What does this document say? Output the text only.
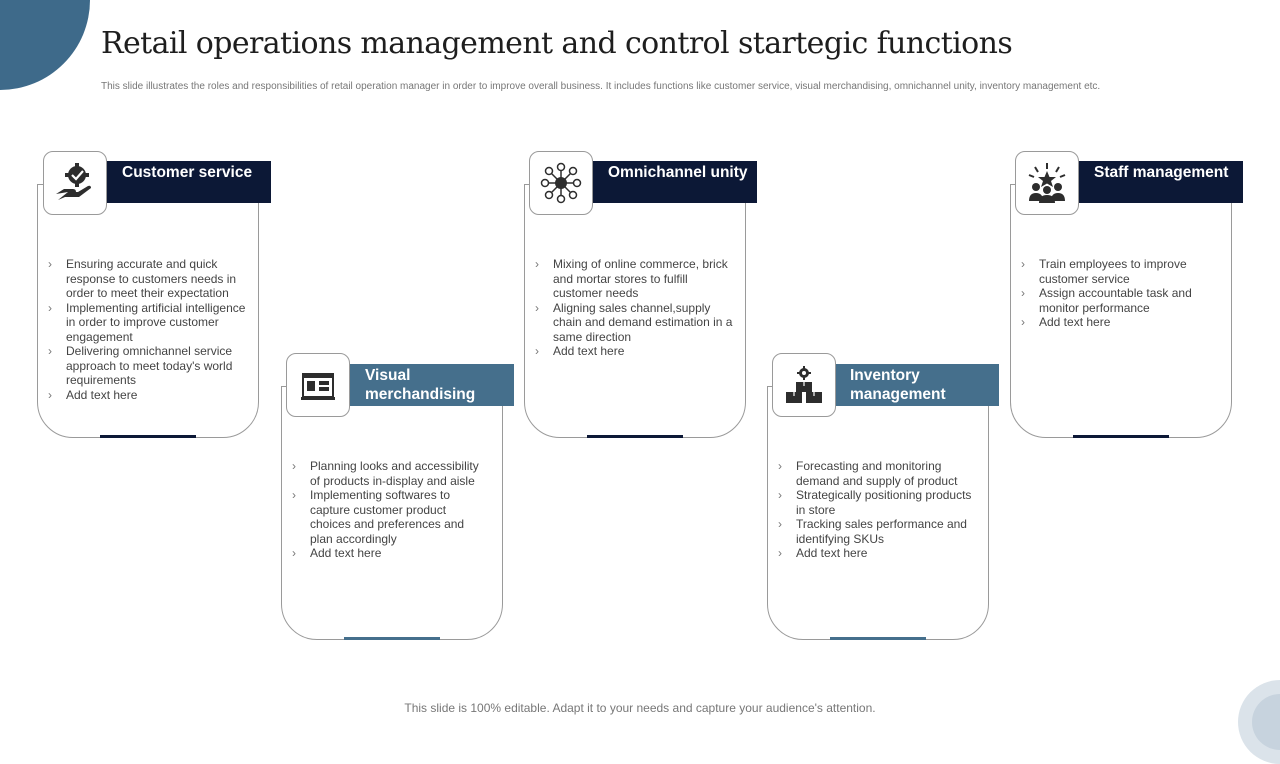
Retail operations management and control startegic functions
This slide illustrates the roles and responsibilities of retail operation manager in order to improve overall business. It includes functions like customer service, visual merchandising, omnichannel unity, inventory management etc.
› Ensuring accurate and quick response to customers needs in order to meet their expectation
› Implementing artificial intelligence in order to improve customer engagement
› Delivering omnichannel service approach to meet today's world requirements
› Add text here
Customer service
› Planning looks and accessibility of products in-display and aisle
› Implementing softwares to capture customer product choices and preferences and plan accordingly
› Add text here
Visual merchandising
› Mixing of online commerce, brick and mortar stores to fulfill customer needs
› Aligning sales channel,supply chain and demand estimation in a same direction
› Add text here
Omnichannel unity
› Forecasting and monitoring demand and supply of product
› Strategically positioning products in store
› Tracking sales performance and identifying SKUs
› Add text here
Inventory management
› Train employees to improve customer service
› Assign accountable task and monitor performance
› Add text here
Staff management
This slide is 100% editable. Adapt it to your needs and capture your audience's attention.
